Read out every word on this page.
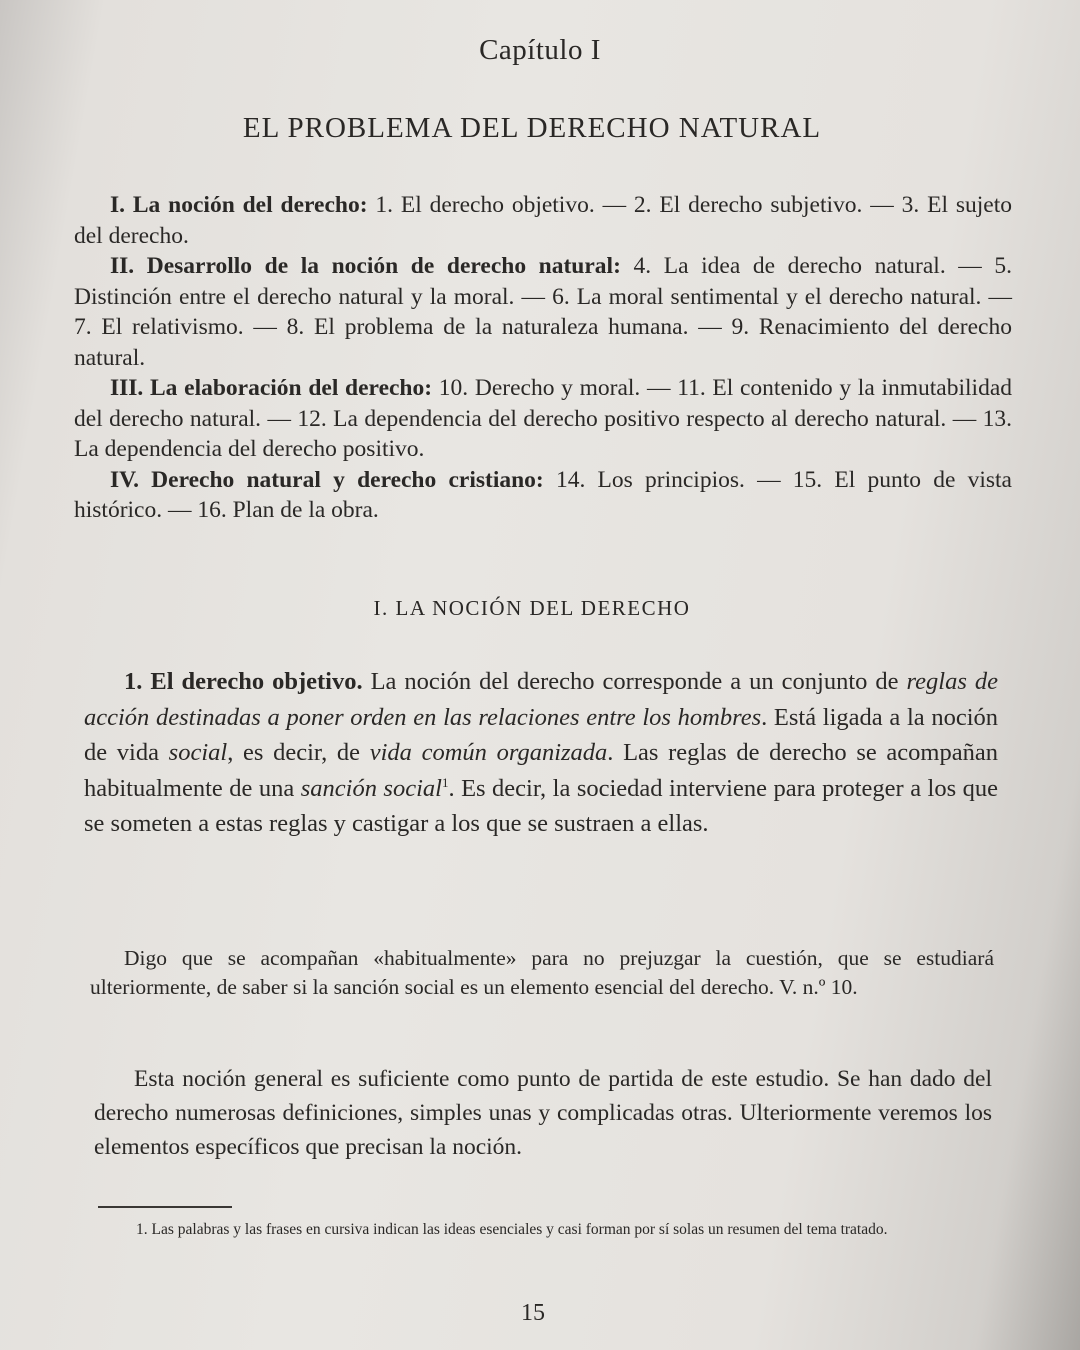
Capítulo I
EL PROBLEMA DEL DERECHO NATURAL

I. La noción del derecho: 1. El derecho objetivo. — 2. El derecho subjetivo. — 3. El sujeto del derecho.

II. Desarrollo de la noción de derecho natural: 4. La idea de derecho natural. — 5. Distinción entre el derecho natural y la moral. — 6. La moral sentimental y el derecho natural. — 7. El relativismo. — 8. El problema de la naturaleza humana. — 9. Renacimiento del derecho natural.

III. La elaboración del derecho: 10. Derecho y moral. — 11. El contenido y la inmutabilidad del derecho natural. — 12. La dependencia del derecho positivo respecto al derecho natural. — 13. La dependencia del derecho positivo.

IV. Derecho natural y derecho cristiano: 14. Los principios. — 15. El punto de vista histórico. — 16. Plan de la obra.

I. LA NOCIÓN DEL DERECHO

1. El derecho objetivo. La noción del derecho corresponde a un conjunto de reglas de acción destinadas a poner orden en las relaciones entre los hombres. Está ligada a la noción de vida social, es decir, de vida común organizada. Las reglas de derecho se acompañan habitualmente de una sanción social$^1$. Es decir, la sociedad interviene para proteger a los que se someten a estas reglas y castigar a los que se sustraen a ellas.

Digo que se acompañan «habitualmente» para no prejuzgar la cuestión, que se estudiará ulteriormente, de saber si la sanción social es un elemento esencial del derecho. V. n.º 10.

Esta noción general es suficiente como punto de partida de este estudio. Se han dado del derecho numerosas definiciones, simples unas y complicadas otras. Ulteriormente veremos los elementos específicos que precisan la noción.

1. Las palabras y las frases en cursiva indican las ideas esenciales y casi forman por sí solas un resumen del tema tratado.

15
